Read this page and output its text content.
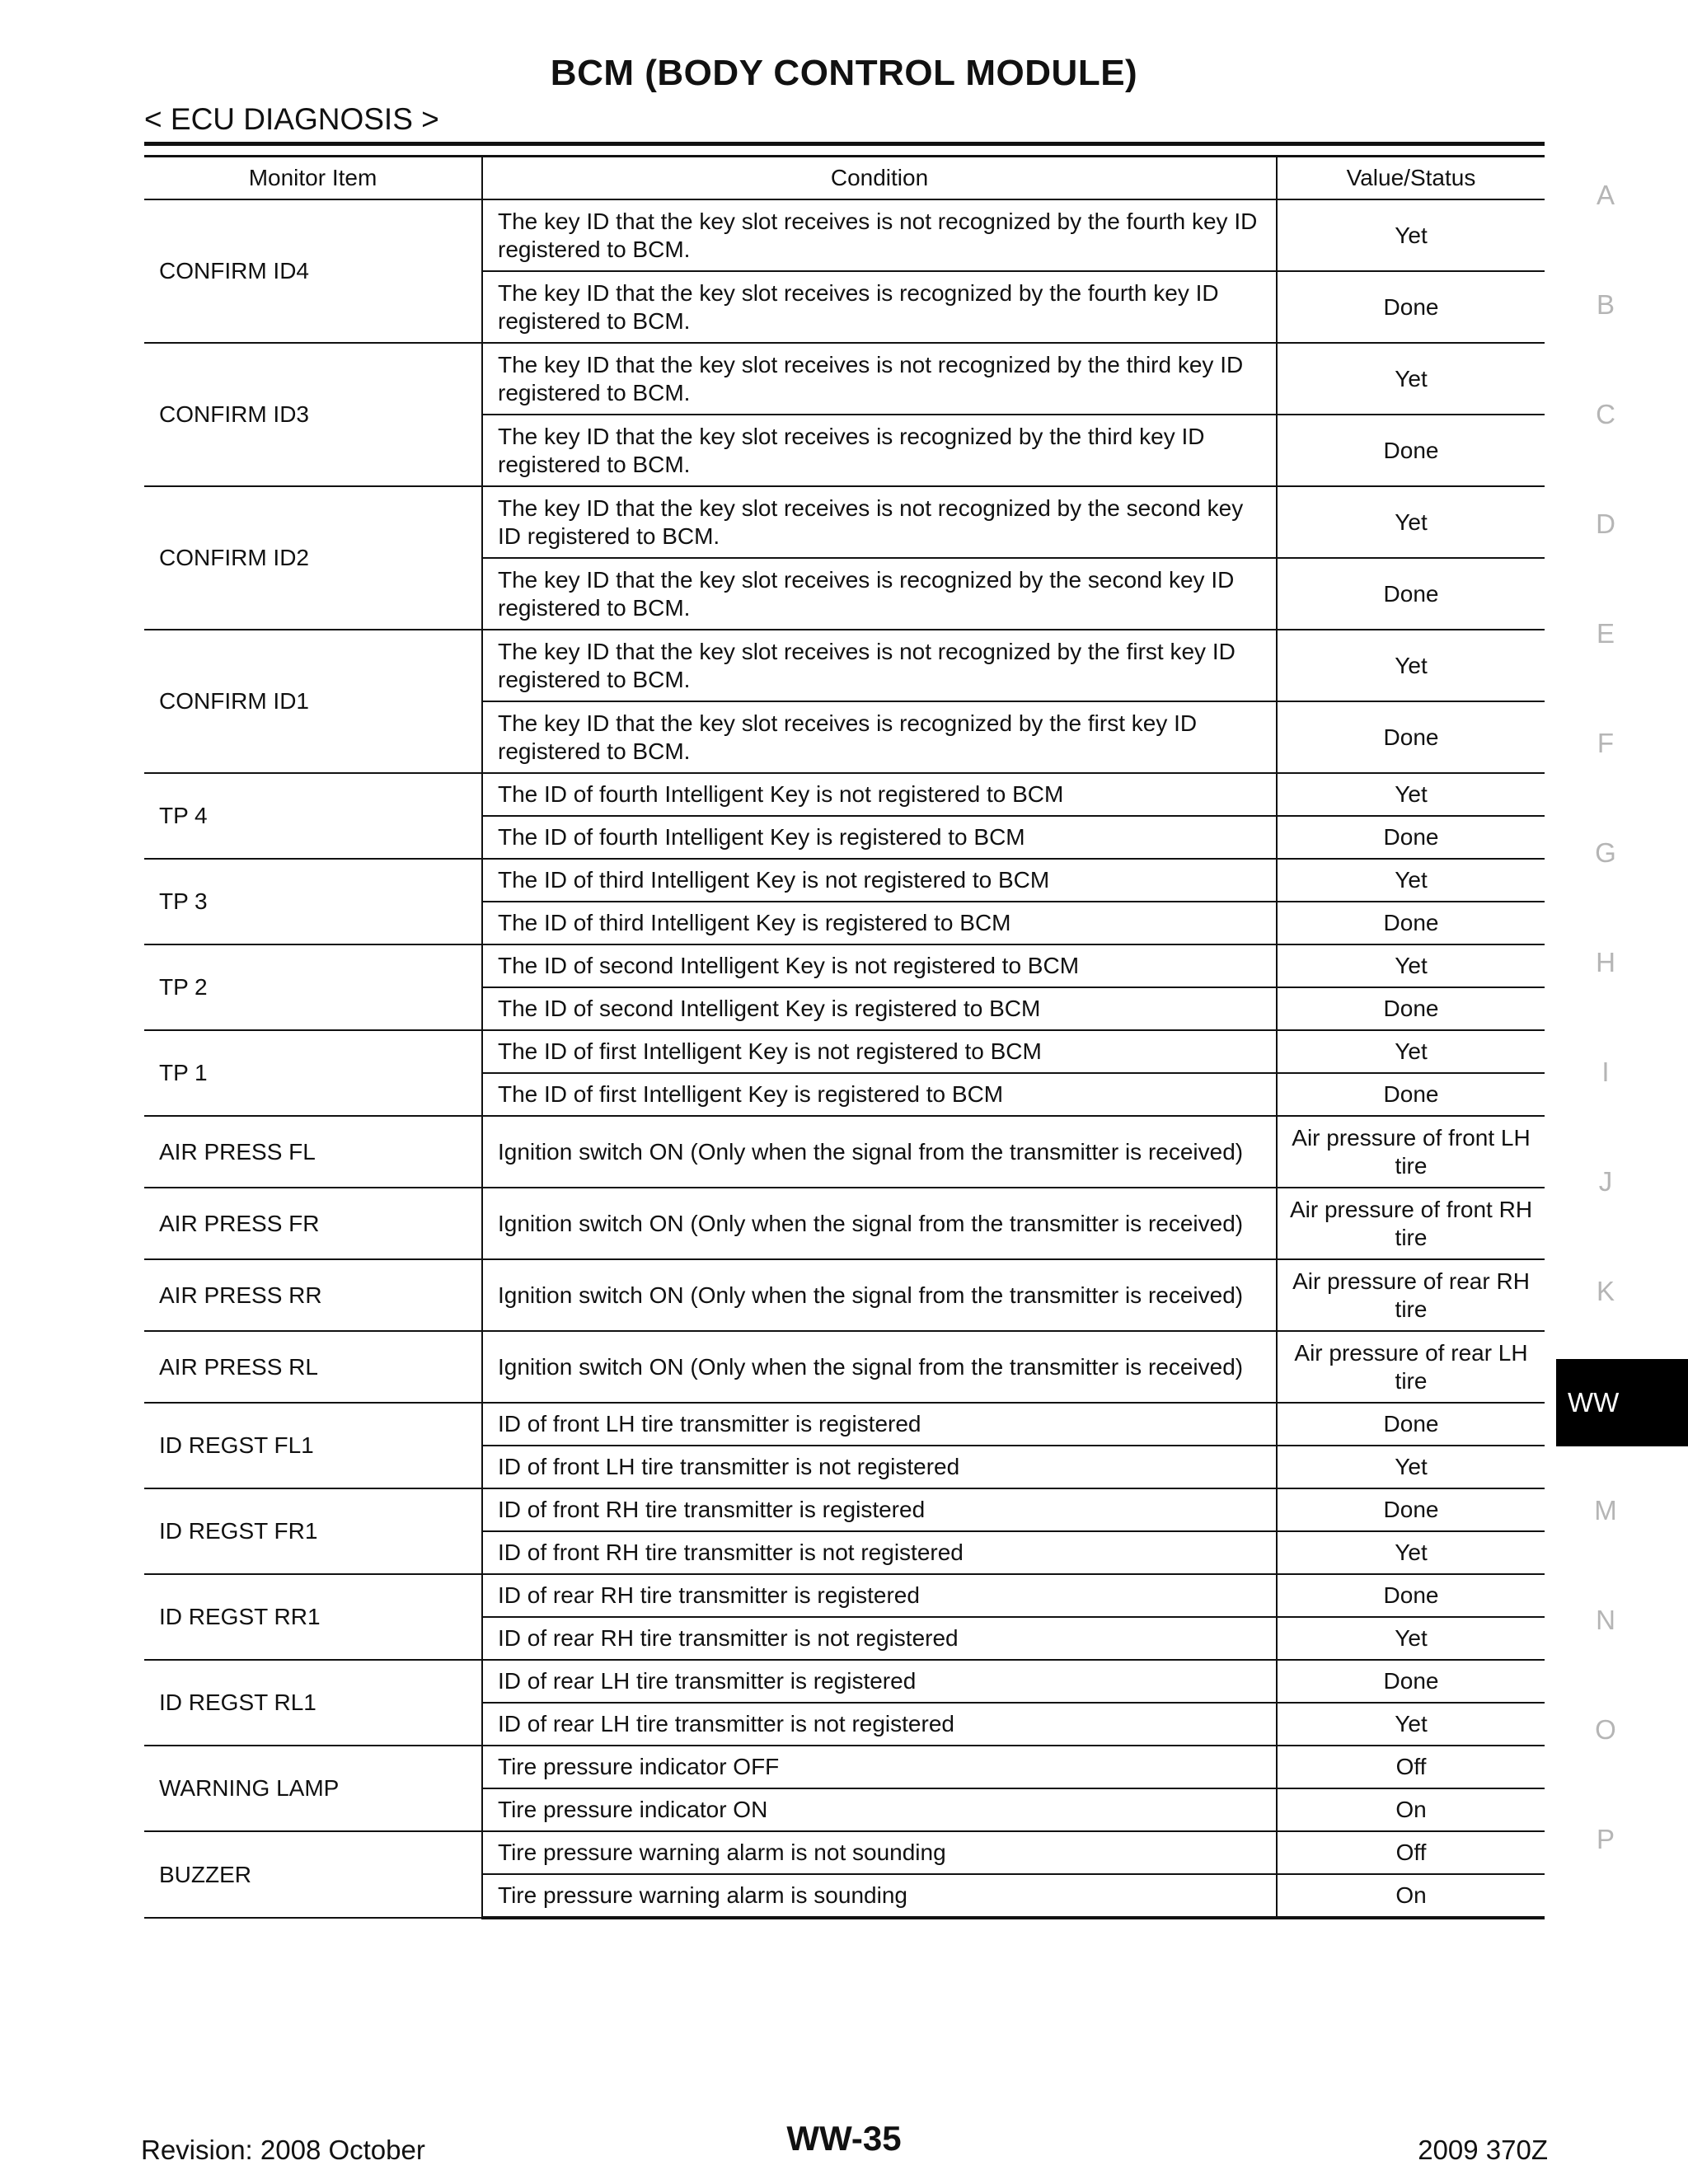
BCM (BODY CONTROL MODULE)
< ECU DIAGNOSIS >
Monitor Item	Condition	Value/Status
CONFIRM ID4	The key ID that the key slot receives is not recognized by the fourth key ID registered to BCM.	Yet
	The key ID that the key slot receives is recognized by the fourth key ID registered to BCM.	Done
CONFIRM ID3	The key ID that the key slot receives is not recognized by the third key ID registered to BCM.	Yet
	The key ID that the key slot receives is recognized by the third key ID registered to BCM.	Done
CONFIRM ID2	The key ID that the key slot receives is not recognized by the second key ID registered to BCM.	Yet
	The key ID that the key slot receives is recognized by the second key ID registered to BCM.	Done
CONFIRM ID1	The key ID that the key slot receives is not recognized by the first key ID registered to BCM.	Yet
	The key ID that the key slot receives is recognized by the first key ID registered to BCM.	Done
TP 4	The ID of fourth Intelligent Key is not registered to BCM	Yet
	The ID of fourth Intelligent Key is registered to BCM	Done
TP 3	The ID of third Intelligent Key is not registered to BCM	Yet
	The ID of third Intelligent Key is registered to BCM	Done
TP 2	The ID of second Intelligent Key is not registered to BCM	Yet
	The ID of second Intelligent Key is registered to BCM	Done
TP 1	The ID of first Intelligent Key is not registered to BCM	Yet
	The ID of first Intelligent Key is registered to BCM	Done
AIR PRESS FL	Ignition switch ON (Only when the signal from the transmitter is received)	Air pressure of front LH tire
AIR PRESS FR	Ignition switch ON (Only when the signal from the transmitter is received)	Air pressure of front RH tire
AIR PRESS RR	Ignition switch ON (Only when the signal from the transmitter is received)	Air pressure of rear RH tire
AIR PRESS RL	Ignition switch ON (Only when the signal from the transmitter is received)	Air pressure of rear LH tire
ID REGST FL1	ID of front LH tire transmitter is registered	Done
	ID of front LH tire transmitter is not registered	Yet
ID REGST FR1	ID of front RH tire transmitter is registered	Done
	ID of front RH tire transmitter is not registered	Yet
ID REGST RR1	ID of rear RH tire transmitter is registered	Done
	ID of rear RH tire transmitter is not registered	Yet
ID REGST RL1	ID of rear LH tire transmitter is registered	Done
	ID of rear LH tire transmitter is not registered	Yet
WARNING LAMP	Tire pressure indicator OFF	Off
	Tire pressure indicator ON	On
BUZZER	Tire pressure warning alarm is not sounding	Off
	Tire pressure warning alarm is sounding	On
A
B
C
D
E
F
G
H
I
J
K
M
N
O
P
WW
Revision: 2008 October	WW-35	2009 370Z
